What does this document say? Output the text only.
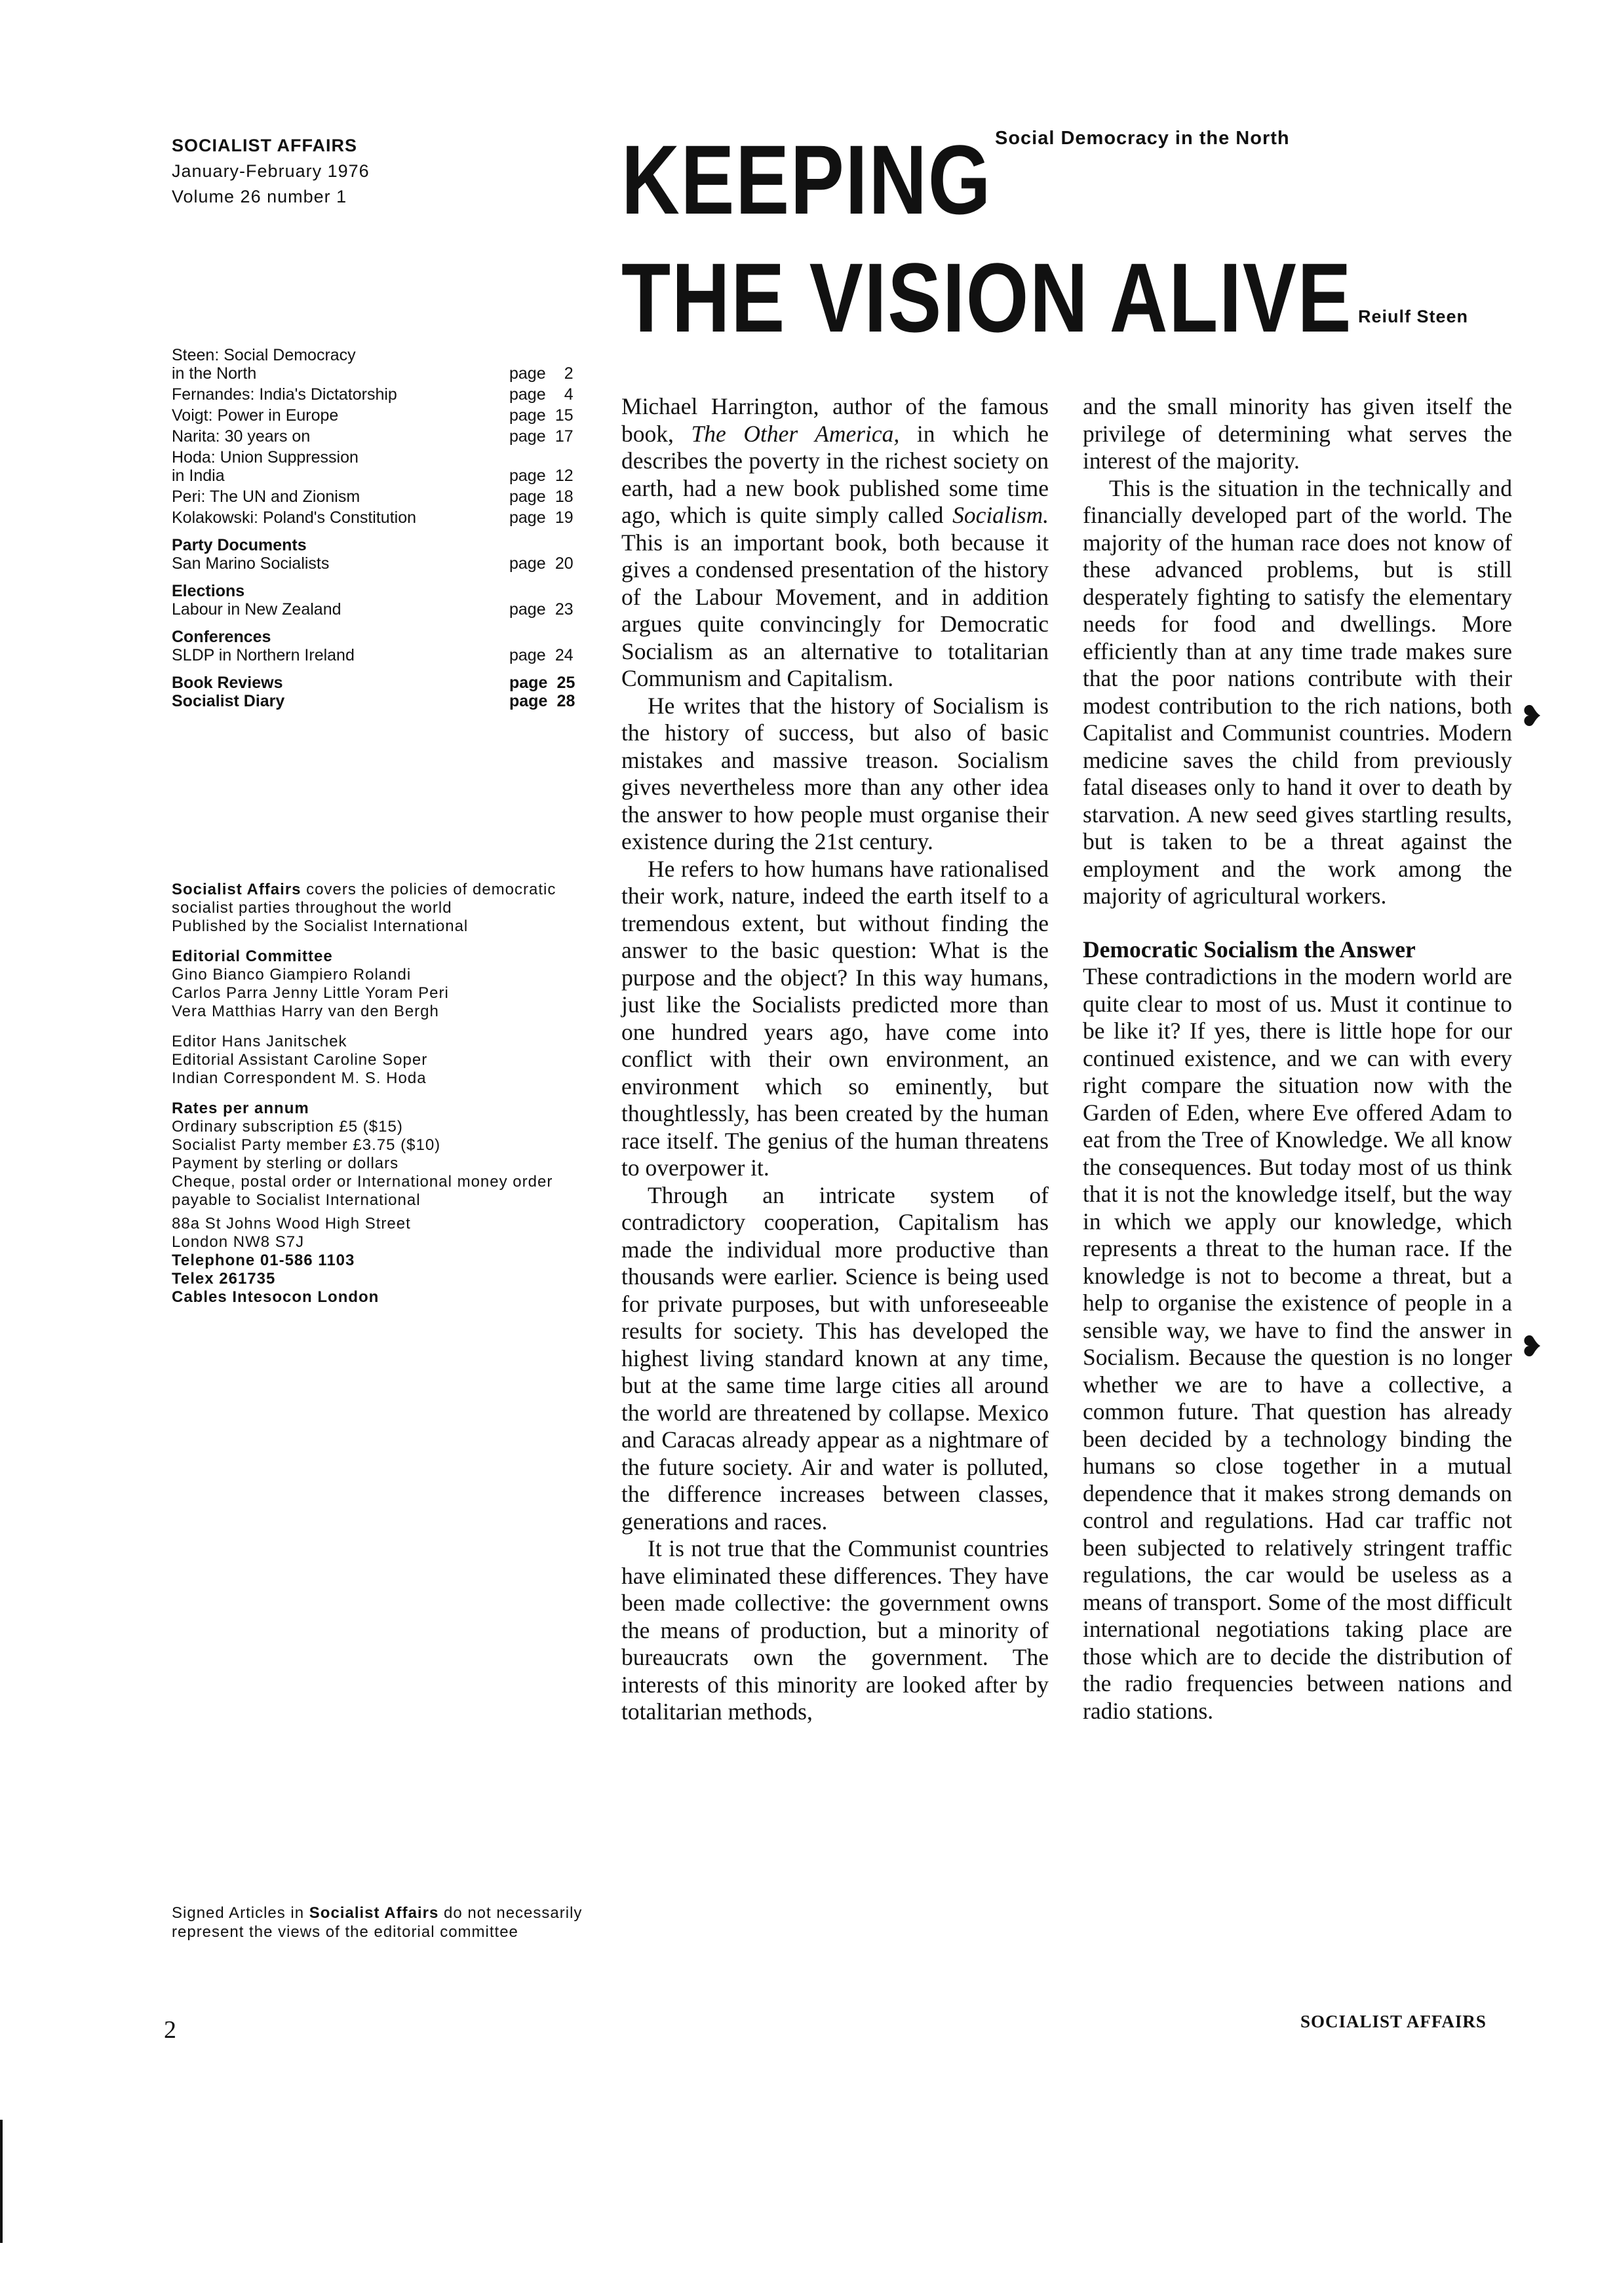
SOCIALIST AFFAIRS
January-February 1976
Volume 26 number 1
Steen: Social Democracy
in the North	page 2
Fernandes: India's Dictatorship	page 4
Voigt: Power in Europe	page 15
Narita: 30 years on	page 17
Hoda: Union Suppression
in India	page 12
Peri: The UN and Zionism	page 18
Kolakowski: Poland's Constitution	page 19
Party Documents
San Marino Socialists	page 20
Elections
Labour in New Zealand	page 23
Conferences
SLDP in Northern Ireland	page 24
Book Reviews	page 25
Socialist Diary	page 28

Socialist Affairs covers the policies of democratic socialist parties throughout the world

Published by the Socialist International

Editorial Committee

Gino Bianco Giampiero Rolandi

Carlos Parra Jenny Little Yoram Peri

Vera Matthias Harry van den Bergh

Editor Hans Janitschek

Editorial Assistant Caroline Soper

Indian Correspondent M. S. Hoda

Rates per annum

Ordinary subscription £5 ($15)

Socialist Party member £3.75 ($10)

Payment by sterling or dollars

Cheque, postal order or International money order payable to Socialist International

88a St Johns Wood High Street

London NW8 S7J

Telephone 01-586 1103

Telex 261735

Cables Intesocon London

Signed Articles in Socialist Affairs do not necessarily represent the views of the editorial committee
KEEPING
THE VISION ALIVE
Social Democracy in the North
Reiulf Steen

Michael Harrington, author of the famous book, The Other America, in which he describes the poverty in the richest society on earth, had a new book published some time ago, which is quite simply called Socialism. This is an important book, both because it gives a condensed presentation of the history of the Labour Movement, and in addition argues quite convincingly for Democratic Socialism as an alternative to totalitarian Communism and Capitalism.

He writes that the history of Socialism is the history of success, but also of basic mistakes and massive treason. Socialism gives nevertheless more than any other idea the answer to how people must organise their existence during the 21st century.

He refers to how humans have rationalised their work, nature, indeed the earth itself to a tremendous extent, but without finding the answer to the basic question: What is the purpose and the object? In this way humans, just like the Socialists predicted more than one hundred years ago, have come into conflict with their own environment, an environment which so eminently, but thoughtlessly, has been created by the human race itself. The genius of the human threatens to overpower it.

Through an intricate system of contradictory cooperation, Capitalism has made the individual more productive than thousands were earlier. Science is being used for private purposes, but with unforeseeable results for society. This has developed the highest living standard known at any time, but at the same time large cities all around the world are threatened by collapse. Mexico and Caracas already appear as a nightmare of the future society. Air and water is polluted, the difference increases between classes, generations and races.

It is not true that the Communist countries have eliminated these differences. They have been made collective: the government owns the means of production, but a minority of bureaucrats own the government. The interests of this minority are looked after by totalitarian methods,

and the small minority has given itself the privilege of determining what serves the interest of the majority.

This is the situation in the technically and financially developed part of the world. The majority of the human race does not know of these advanced problems, but is still desperately fighting to satisfy the elementary needs for food and dwellings. More efficiently than at any time trade makes sure that the poor nations contribute with their modest contribution to the rich nations, both Capitalist and Communist countries. Modern medicine saves the child from previously fatal diseases only to hand it over to death by starvation. A new seed gives startling results, but is taken to be a threat against the employment and the work among the majority of agricultural workers.

Democratic Socialism the Answer

These contradictions in the modern world are quite clear to most of us. Must it continue to be like it? If yes, there is little hope for our continued existence, and we can with every right compare the situation now with the Garden of Eden, where Eve offered Adam to eat from the Tree of Knowledge. We all know the consequences. But today most of us think that it is not the knowledge itself, but the way in which we apply our knowledge, which represents a threat to the human race. If the knowledge is not to become a threat, but a help to organise the existence of people in a sensible way, we have to find the answer in Socialism. Because the question is no longer whether we are to have a collective, a common future. That question has already been decided by a technology binding the humans so close together in a mutual dependence that it makes strong demands on control and regulations. Had car traffic not been subjected to relatively stringent traffic regulations, the car would be useless as a means of transport. Some of the most difficult international negotiations taking place are those which are to decide the distribution of the radio frequencies between nations and radio stations.

❥
❥
2	SOCIALIST AFFAIRS
